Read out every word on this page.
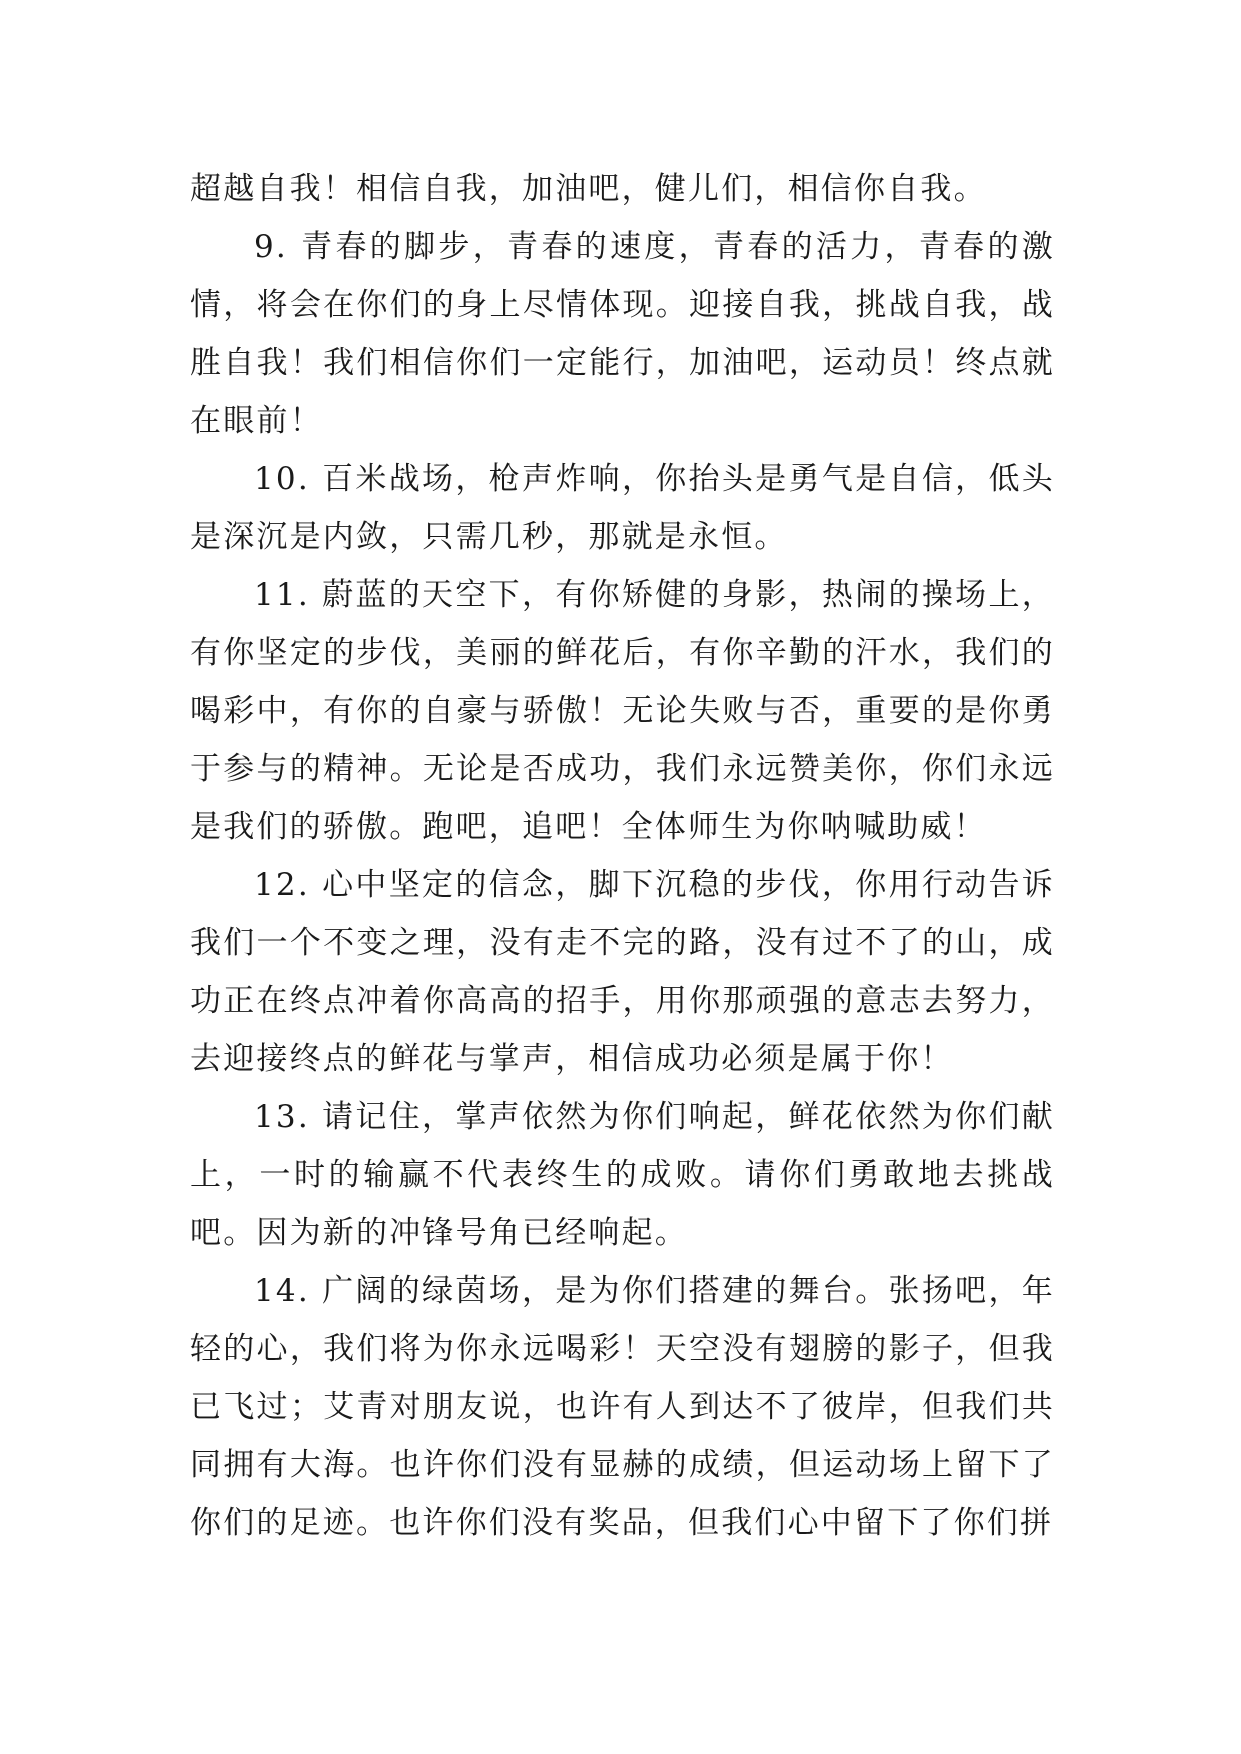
超越自我！相信自我，加油吧，健儿们，相信你自我。

9. 青春的脚步，青春的速度，青春的活力，青春的激情，将会在你们的身上尽情体现。迎接自我，挑战自我，战胜自我！我们相信你们一定能行，加油吧，运动员！终点就在眼前！

10. 百米战场，枪声炸响，你抬头是勇气是自信，低头是深沉是内敛，只需几秒，那就是永恒。

11. 蔚蓝的天空下，有你矫健的身影，热闹的操场上，有你坚定的步伐，美丽的鲜花后，有你辛勤的汗水，我们的喝彩中，有你的自豪与骄傲！无论失败与否，重要的是你勇于参与的精神。无论是否成功，我们永远赞美你，你们永远是我们的骄傲。跑吧，追吧！全体师生为你呐喊助威！

12. 心中坚定的信念，脚下沉稳的步伐，你用行动告诉我们一个不变之理，没有走不完的路，没有过不了的山，成功正在终点冲着你高高的招手，用你那顽强的意志去努力，去迎接终点的鲜花与掌声，相信成功必须是属于你！

13. 请记住，掌声依然为你们响起，鲜花依然为你们献上，一时的输赢不代表终生的成败。请你们勇敢地去挑战吧。因为新的冲锋号角已经响起。

14. 广阔的绿茵场，是为你们搭建的舞台。张扬吧，年轻的心，我们将为你永远喝彩！天空没有翅膀的影子，但我已飞过；艾青对朋友说，也许有人到达不了彼岸，但我们共同拥有大海。也许你们没有显赫的成绩，但运动场上留下了你们的足迹。也许你们没有奖品，但我们心中留下了你们拼
